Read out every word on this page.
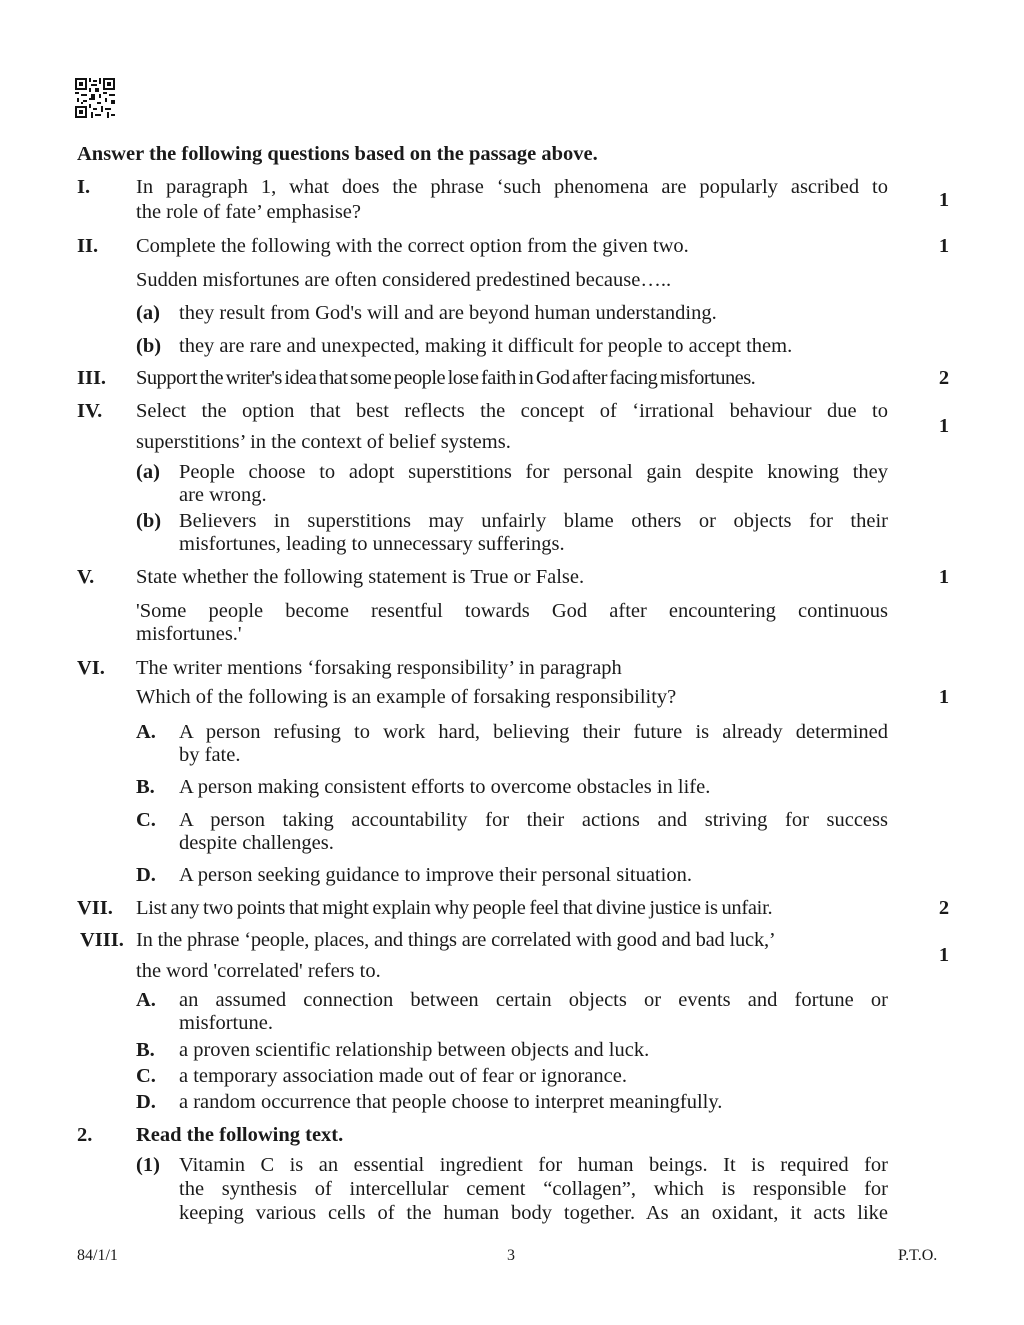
Answer the following questions based on the passage above.
I. In paragraph 1, what does the phrase ‘such phenomena are popularly ascribed to
the role of fate’ emphasise?
1
II. Complete the following with the correct option from the given two.	1
Sudden misfortunes are often considered predestined because…..
(a) they result from God's will and are beyond human understanding.
(b) they are rare and unexpected, making it difficult for people to accept them.
III. Support the writer's idea that some people lose faith in God after facing misfortunes.	2
IV. Select the option that best reflects the concept of ‘irrational behaviour due to
superstitions’ in the context of belief systems.
1
(a) People choose to adopt superstitions for personal gain despite knowing they
are wrong.
(b) Believers in superstitions may unfairly blame others or objects for their
misfortunes, leading to unnecessary sufferings.
V. State whether the following statement is True or False.	1
'Some people become resentful towards God after encountering continuous
misfortunes.'
VI. The writer mentions ‘forsaking responsibility’ in paragraph
Which of the following is an example of forsaking responsibility?	1
A. A person refusing to work hard, believing their future is already determined
by fate.
B. A person making consistent efforts to overcome obstacles in life.
C. A person taking accountability for their actions and striving for success
despite challenges.
D. A person seeking guidance to improve their personal situation.
VII. List any two points that might explain why people feel that divine justice is unfair.	2
VIII. In the phrase ‘people, places, and things are correlated with good and bad luck,’
the word 'correlated' refers to.
1
A. an assumed connection between certain objects or events and fortune or
misfortune.
B. a proven scientific relationship between objects and luck.
C. a temporary association made out of fear or ignorance.
D. a random occurrence that people choose to interpret meaningfully.
2. Read the following text.
(1) Vitamin C is an essential ingredient for human beings. It is required for
the synthesis of intercellular cement “collagen”, which is responsible for
keeping various cells of the human body together. As an oxidant, it acts like
84/1/1	3	P.T.O.
